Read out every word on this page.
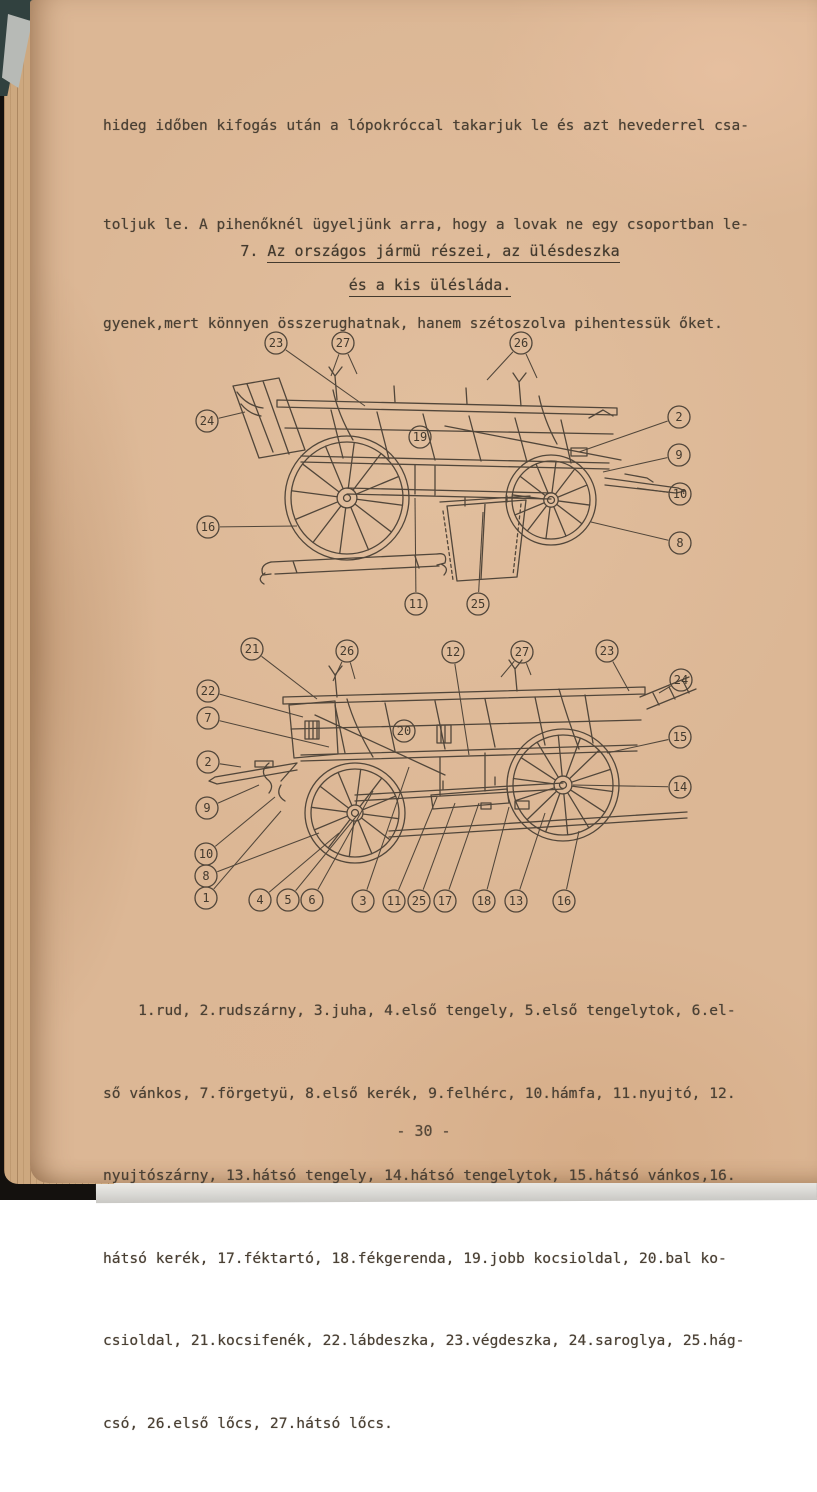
hideg időben kifogás után a lópokróccal takarjuk le és azt hevederrel csa-

toljuk le. A pihenőknél ügyeljünk arra, hogy a lovak ne egy csoportban le-

gyenek,mert könnyen összerughatnak, hanem szétoszolva pihentessük őket.

7. Az országos jármü részei, az ülésdeszka
és a kis ülésláda.
23	27	26
24
16
19
2
9
10
8
11	25
21	26	12	27	23
24
22
7
2
9
10
8
1
15
14
20
4 5 6	3 11 25 17 18 13	16

1.rud, 2.rudszárny, 3.juha, 4.első tengely, 5.első tengelytok, 6.el-

ső vánkos, 7.förgetyü, 8.első kerék, 9.felhérc, 10.hámfa, 11.nyujtó, 12.

nyujtószárny, 13.hátsó tengely, 14.hátsó tengelytok, 15.hátsó vánkos,16.

hátsó kerék, 17.féktartó, 18.fékgerenda, 19.jobb kocsioldal, 20.bal ko-

csioldal, 21.kocsifenék, 22.lábdeszka, 23.végdeszka, 24.saroglya, 25.hág-

csó, 26.első lőcs, 27.hátsó lőcs.

- 30 -
